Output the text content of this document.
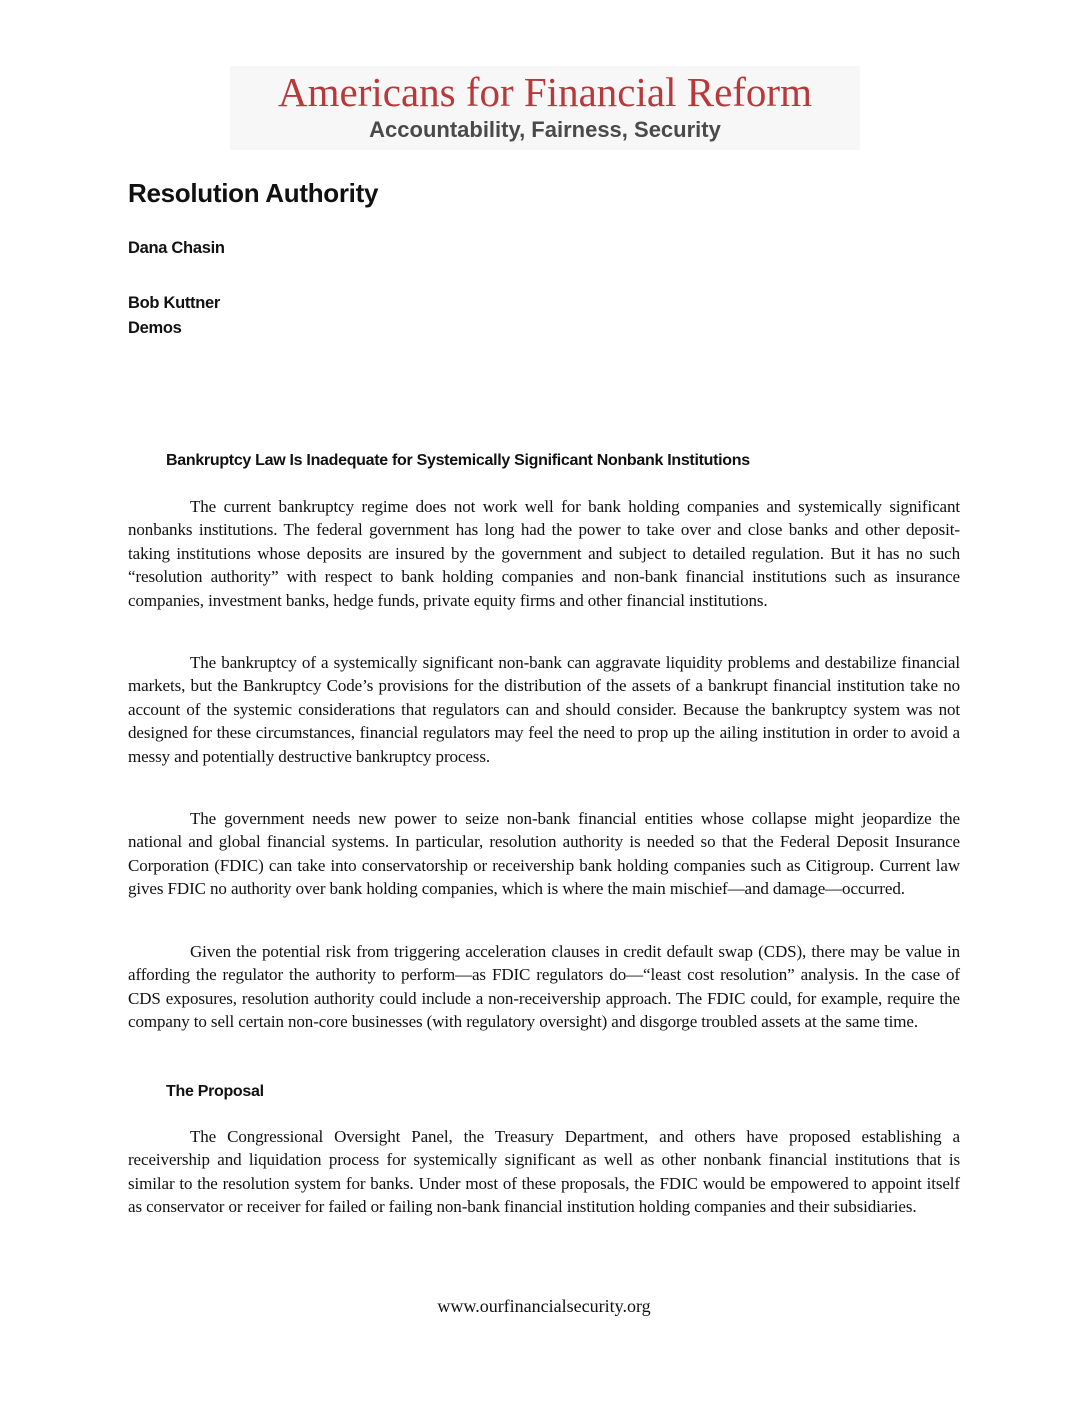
Americans for Financial Reform
Accountability, Fairness, Security
Resolution Authority
Dana Chasin
Bob Kuttner
Demos
Bankruptcy Law Is Inadequate for Systemically Significant Nonbank Institutions

The current bankruptcy regime does not work well for bank holding companies and systemically significant nonbanks institutions. The federal government has long had the power to take over and close banks and other deposit-taking institutions whose deposits are insured by the government and subject to detailed regulation. But it has no such “resolution authority” with respect to bank holding companies and non-bank financial institutions such as insurance companies, investment banks, hedge funds, private equity firms and other financial institutions.

The bankruptcy of a systemically significant non-bank can aggravate liquidity problems and destabilize financial markets, but the Bankruptcy Code’s provisions for the distribution of the assets of a bankrupt financial institution take no account of the systemic considerations that regulators can and should consider. Because the bankruptcy system was not designed for these circumstances, financial regulators may feel the need to prop up the ailing institution in order to avoid a messy and potentially destructive bankruptcy process.

The government needs new power to seize non-bank financial entities whose collapse might jeopardize the national and global financial systems. In particular, resolution authority is needed so that the Federal Deposit Insurance Corporation (FDIC) can take into conservatorship or receivership bank holding companies such as Citigroup. Current law gives FDIC no authority over bank holding companies, which is where the main mischief—and damage—occurred.

Given the potential risk from triggering acceleration clauses in credit default swap (CDS), there may be value in affording the regulator the authority to perform—as FDIC regulators do—“least cost resolution” analysis. In the case of CDS exposures, resolution authority could include a non-receivership approach. The FDIC could, for example, require the company to sell certain non-core businesses (with regulatory oversight) and disgorge troubled assets at the same time.

The Proposal

The Congressional Oversight Panel, the Treasury Department, and others have proposed establishing a receivership and liquidation process for systemically significant as well as other nonbank financial institutions that is similar to the resolution system for banks. Under most of these proposals, the FDIC would be empowered to appoint itself as conservator or receiver for failed or failing non-bank financial institution holding companies and their subsidiaries.

www.ourfinancialsecurity.org
